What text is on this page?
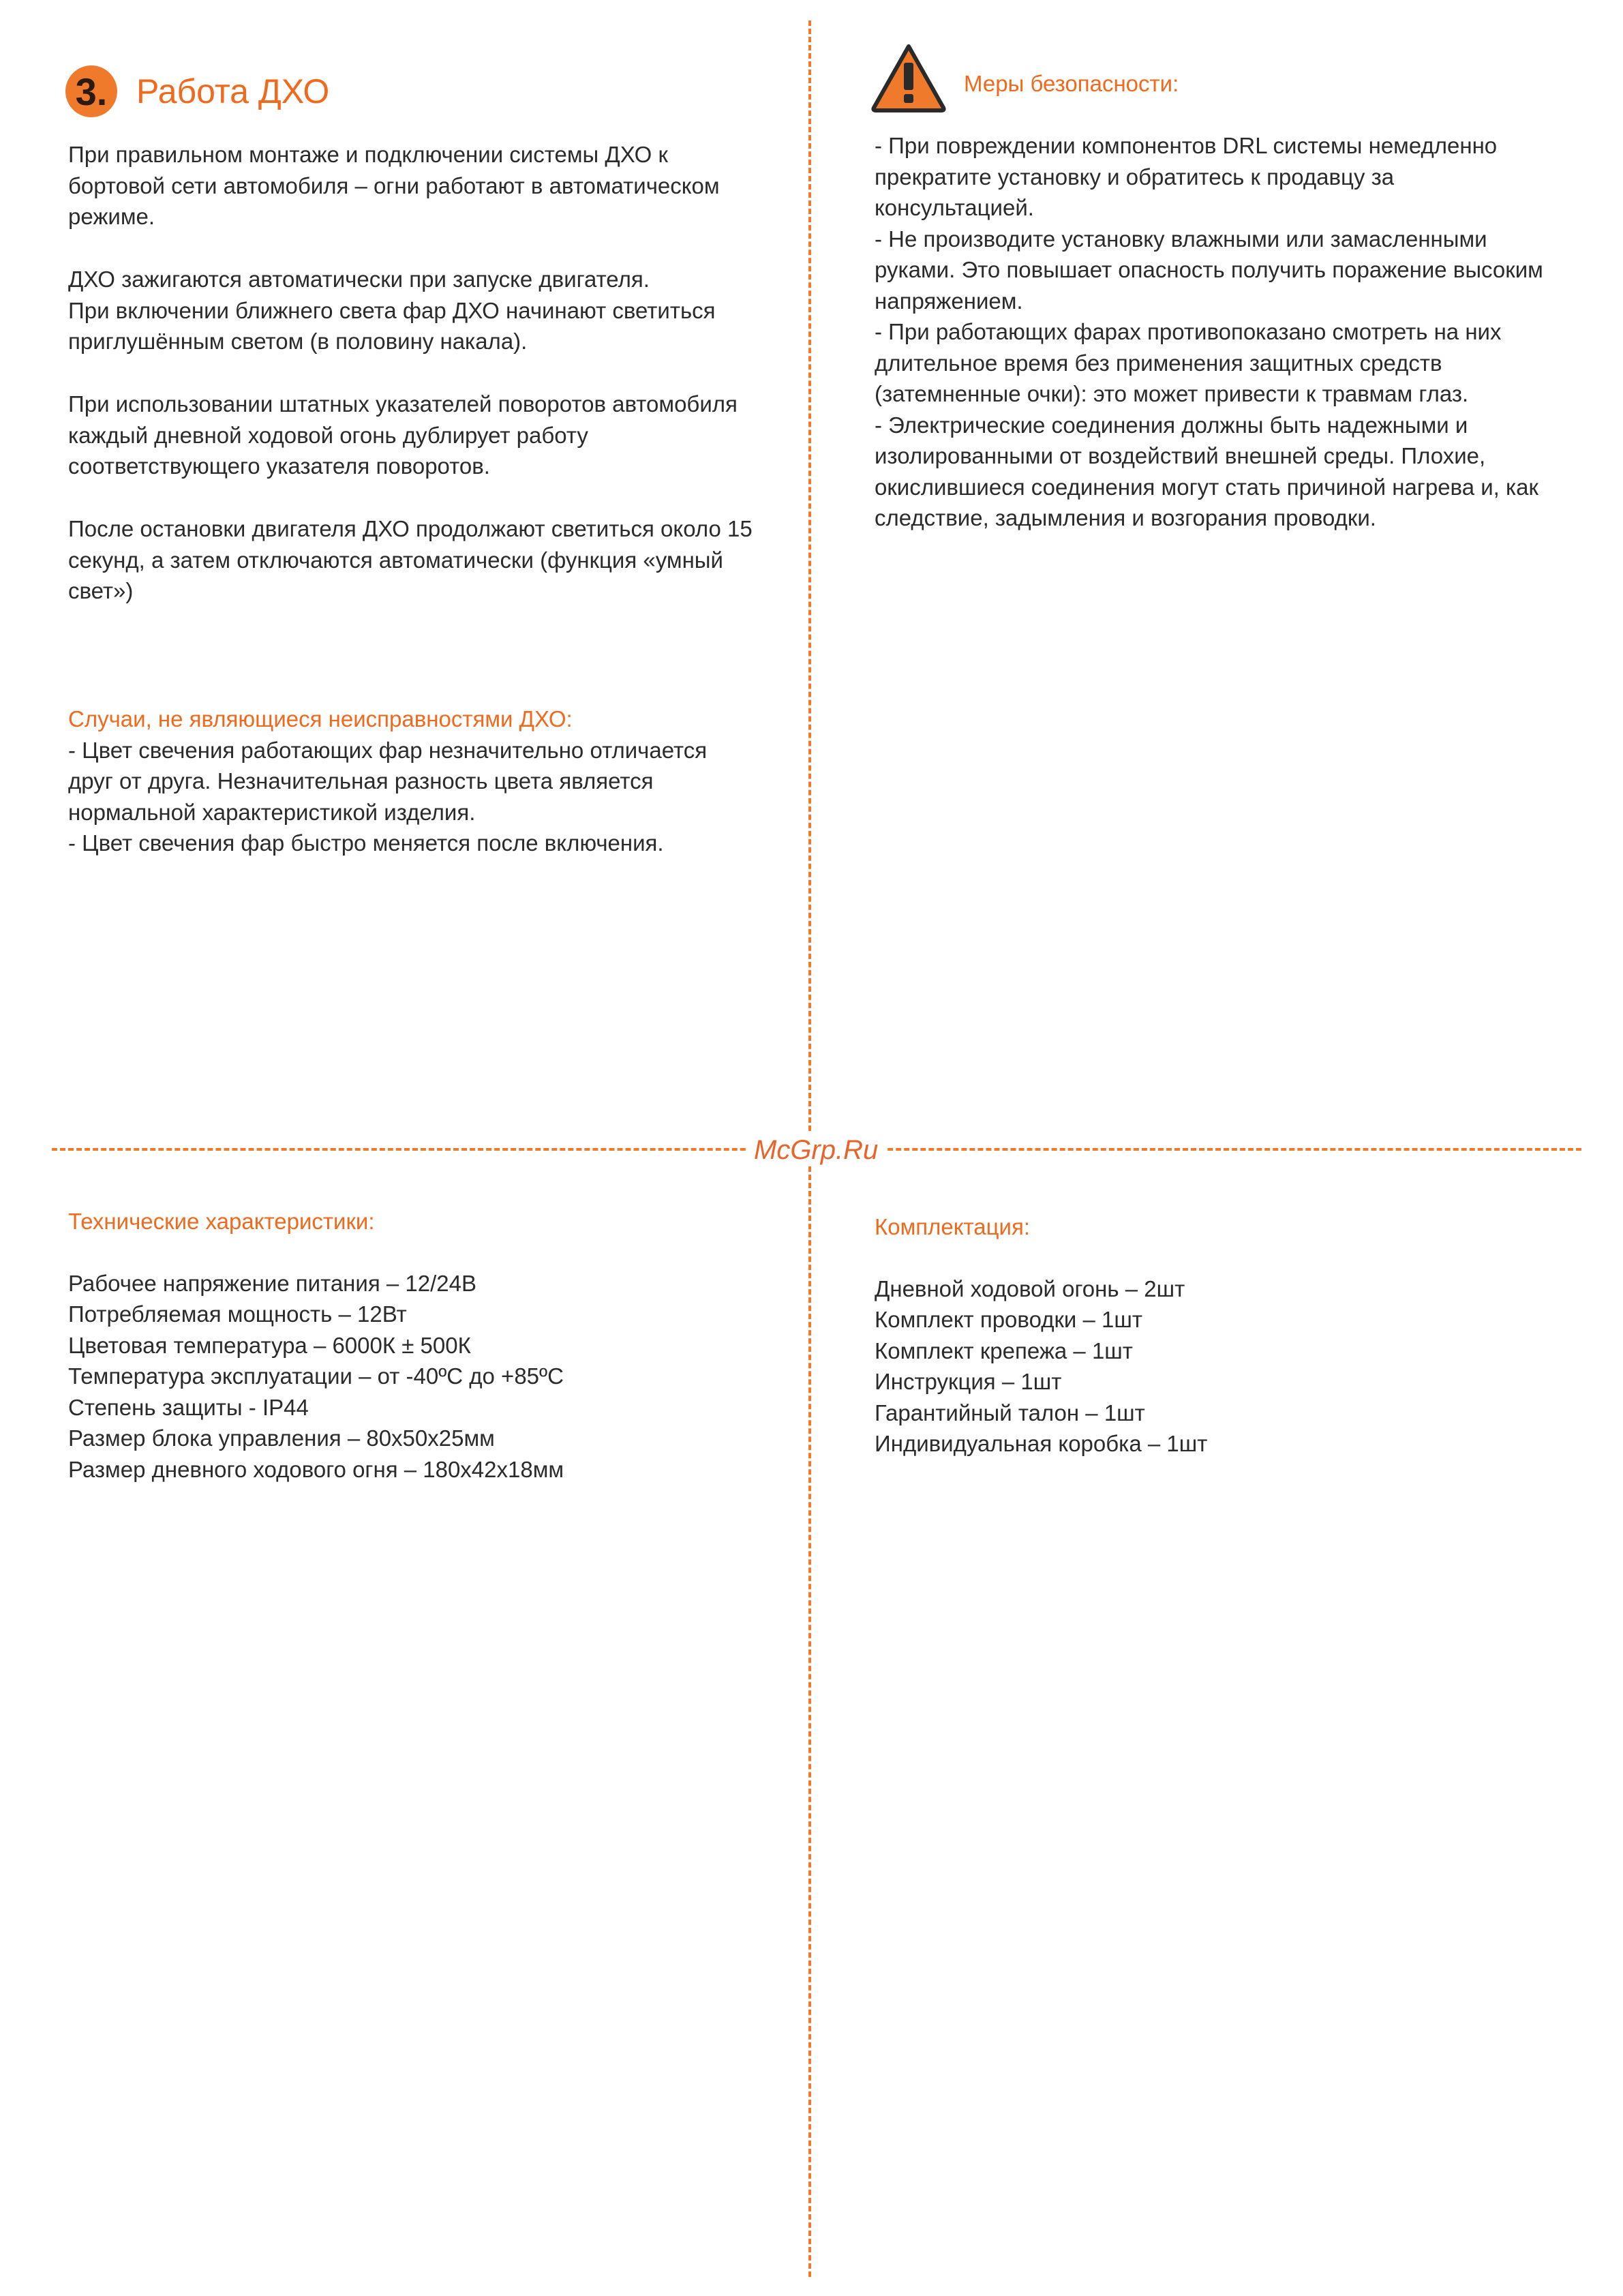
McGrp.Ru
3. Работа ДХО

При правильном монтаже и подключении системы ДХО к
бортовой сети автомобиля – огни работают в автоматическом
режиме.

ДХО зажигаются автоматически при запуске двигателя.
При включении ближнего света фар ДХО начинают светиться
приглушённым светом (в половину накала).

При использовании штатных указателей поворотов автомобиля
каждый дневной ходовой огонь дублирует работу
соответствующего указателя поворотов.

После остановки двигателя ДХО продолжают светиться около 15
секунд, а затем отключаются автоматически (функция «умный
свет»)

Случаи, не являющиеся неисправностями ДХО:

- Цвет свечения работающих фар незначительно отличается
друг от друга. Незначительная разность цвета является
нормальной характеристикой изделия.
- Цвет свечения фар быстро меняется после включения.

Меры безопасности:

- При повреждении компонентов DRL системы немедленно
прекратите установку и обратитесь к продавцу за
консультацией.
- Не производите установку влажными или замасленными
руками. Это повышает опасность получить поражение высоким
напряжением.
- При работающих фарах противопоказано смотреть на них
длительное время без применения защитных средств
(затемненные очки): это может привести к травмам глаз.
- Электрические соединения должны быть надежными и
изолированными от воздействий внешней среды. Плохие,
окислившиеся соединения могут стать причиной нагрева и, как
следствие, задымления и возгорания проводки.

Технические характеристики:

Рабочее напряжение питания – 12/24В
Потребляемая мощность – 12Вт
Цветовая температура – 6000К ± 500К
Температура эксплуатации – от -40ºС до +85ºС
Степень защиты - IP44
Размер блока управления – 80х50х25мм
Размер дневного ходового огня – 180х42х18мм

Комплектация:

Дневной ходовой огонь – 2шт
Комплект проводки – 1шт
Комплект крепежа – 1шт
Инструкция – 1шт
Гарантийный талон – 1шт
Индивидуальная коробка – 1шт
